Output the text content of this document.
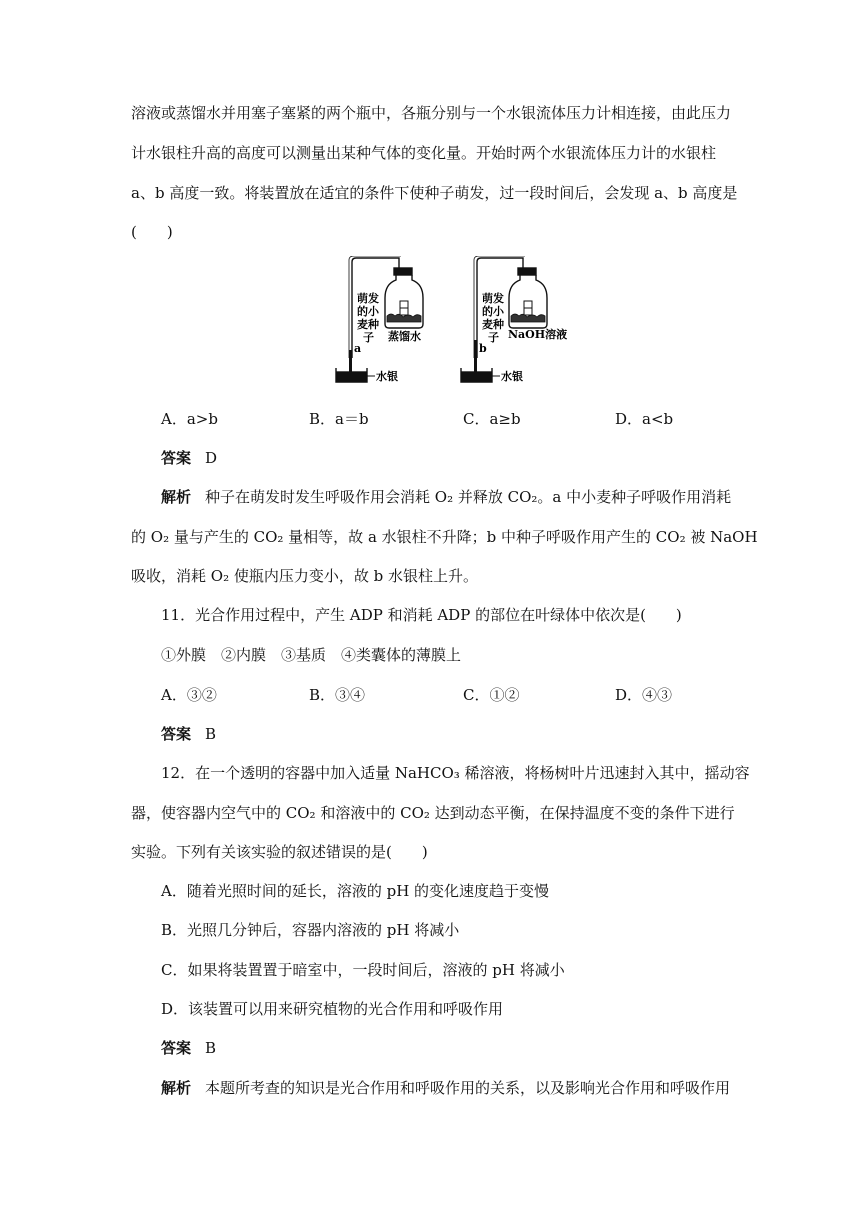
溶液或蒸馏水并用塞子塞紧的两个瓶中，各瓶分别与一个水银流体压力计相连接，由此压力
计水银柱升高的高度可以测量出某种气体的变化量。开始时两个水银流体压力计的水银柱
a、b 高度一致。将装置放在适宜的条件下使种子萌发，过一段时间后，会发现 a、b 高度是
(　　)
萌发
的小
麦种
子 蒸馏水
a
水银
萌发
的小
麦种
子 NaOH溶液
b
水银
A．a>b	B．a＝b	C．a≥b	D．a<b
答案 D
解析 种子在萌发时发生呼吸作用会消耗 O₂ 并释放 CO₂。a 中小麦种子呼吸作用消耗
的 O₂ 量与产生的 CO₂ 量相等，故 a 水银柱不升降；b 中种子呼吸作用产生的 CO₂ 被 NaOH
吸收，消耗 O₂ 使瓶内压力变小，故 b 水银柱上升。
11．光合作用过程中，产生 ADP 和消耗 ADP 的部位在叶绿体中依次是(　　)
①外膜　②内膜　③基质　④类囊体的薄膜上
A．③②	B．③④	C．①②	D．④③
答案 B
12．在一个透明的容器中加入适量 NaHCO₃ 稀溶液，将杨树叶片迅速封入其中，摇动容
器，使容器内空气中的 CO₂ 和溶液中的 CO₂ 达到动态平衡，在保持温度不变的条件下进行
实验。下列有关该实验的叙述错误的是(　　)
A．随着光照时间的延长，溶液的 pH 的变化速度趋于变慢
B．光照几分钟后，容器内溶液的 pH 将减小
C．如果将装置置于暗室中，一段时间后，溶液的 pH 将减小
D．该装置可以用来研究植物的光合作用和呼吸作用
答案 B
解析 本题所考查的知识是光合作用和呼吸作用的关系，以及影响光合作用和呼吸作用
